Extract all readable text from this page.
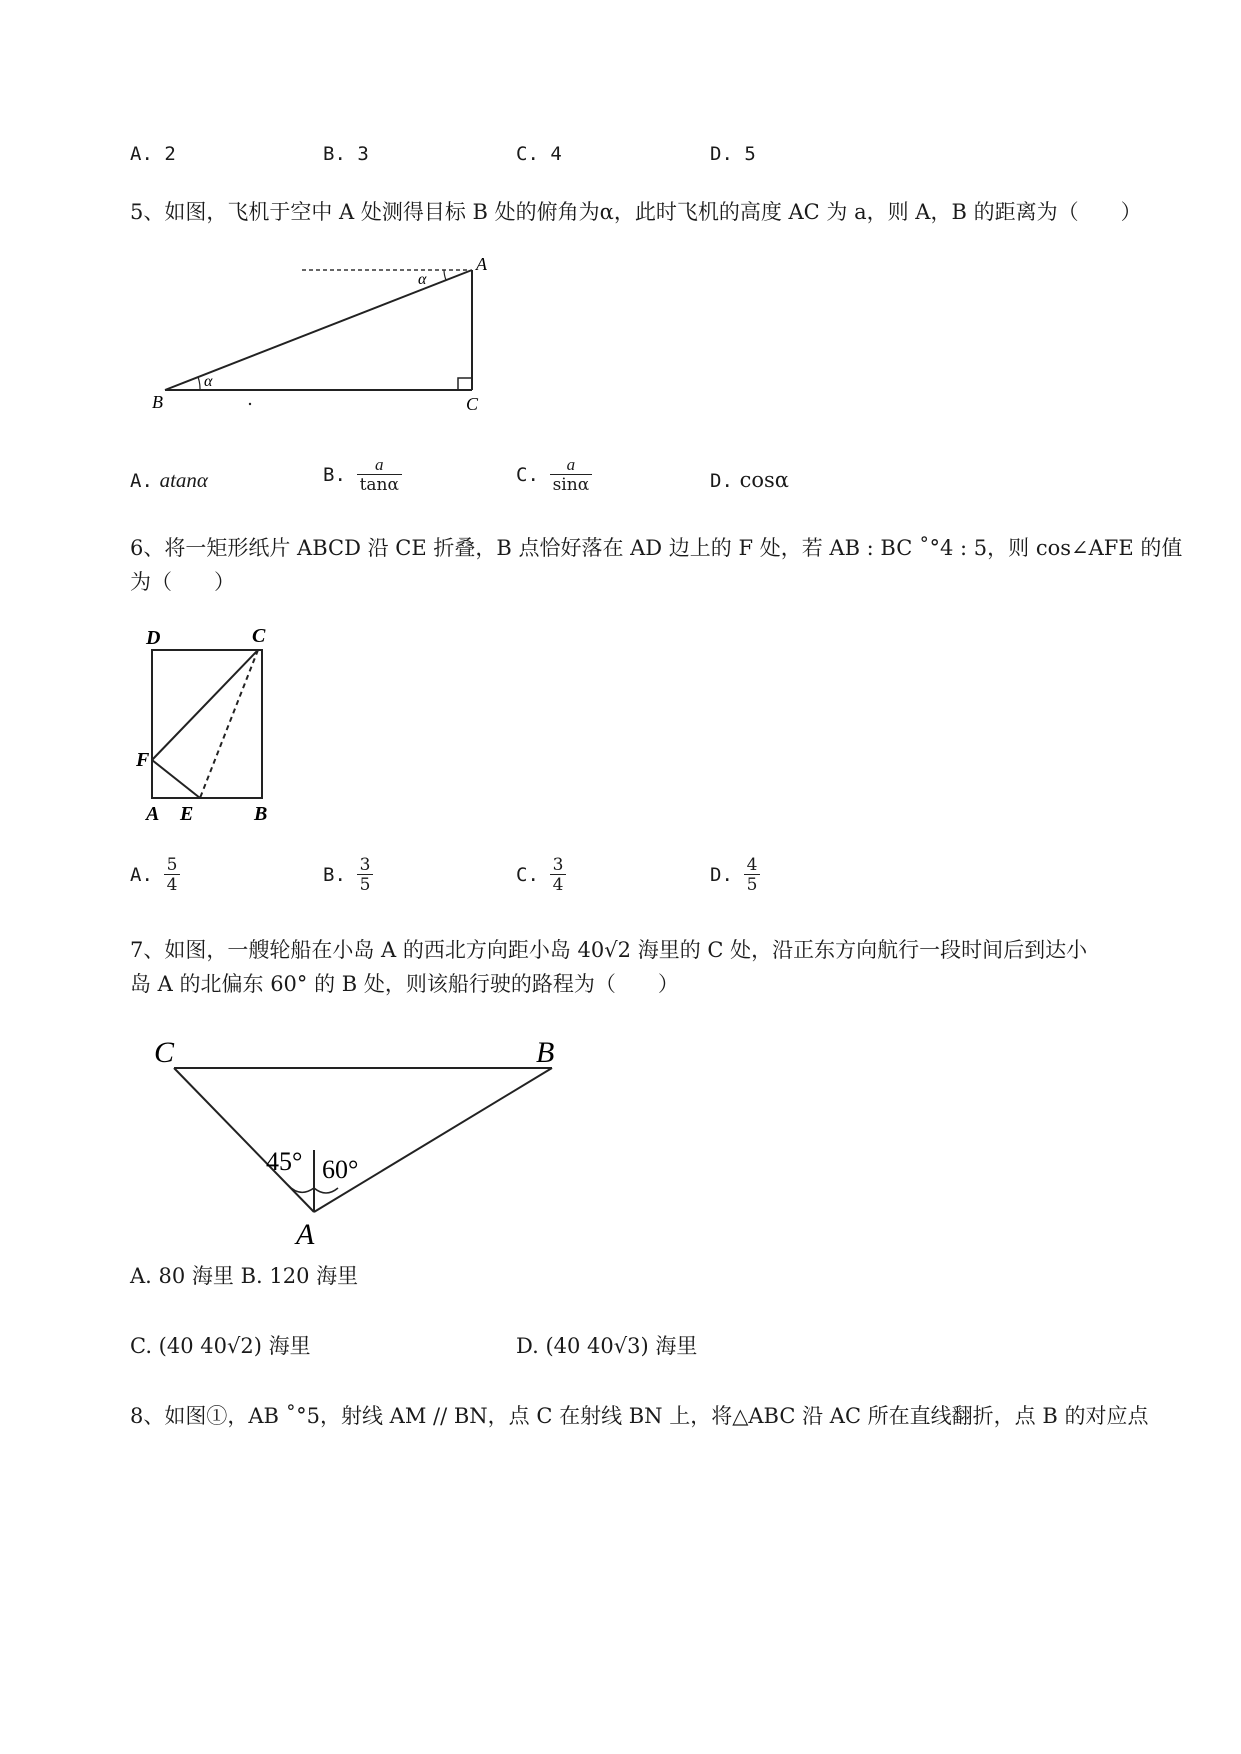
A. 2	B. 3	C. 4	D. 5
5、如图，飞机于空中 A 处测得目标 B 处的俯角为α，此时飞机的高度 AC 为 a，则 A，B 的距离为（　　）
A
B	C
α
α
A. atanα	B. $\frac{a}{\tan\alpha}$	C. $\frac{a}{\sin\alpha}$	D. cosα
6、将一矩形纸片 ABCD 沿 CE 折叠，B 点恰好落在 AD 边上的 F 处，若 AB : BC ˚°4 : 5，则 cos∠AFE 的值
为（　　）
D	C
F
A E	B
A. $\frac{5}{4}$	B. $\frac{3}{5}$	C. $\frac{3}{4}$	D. $\frac{4}{5}$
7、如图，一艘轮船在小岛 A 的西北方向距小岛 40√2 海里的 C 处，沿正东方向航行一段时间后到达小
岛 A 的北偏东 60° 的 B 处，则该船行驶的路程为（　　）
C	B
A
45° 60°
A. 80 海里 B. 120 海里
C. (40 40√2) 海里	D. (40 40√3) 海里
8、如图①，AB ˚°5，射线 AM // BN，点 C 在射线 BN 上，将△ABC 沿 AC 所在直线翻折，点 B 的对应点
